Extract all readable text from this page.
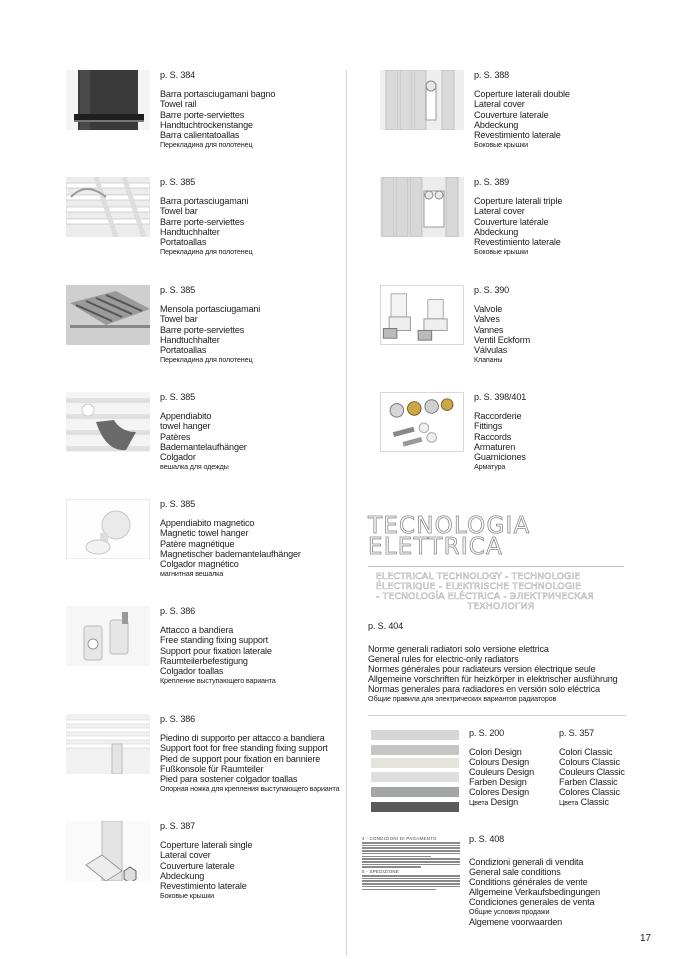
p. S. 384
Barra portasciugamani bagno
Towel rail
Barre porte-serviettes
Handtuchtrockenstange
Barra calientatoallas
Перекладина для полотенец
p. S. 385
Barra portasciugamani
Towel bar
Barre porte-serviettes
Handtuchhalter
Portatoallas
Перекладина для полотенец
p. S. 385
Mensola portasciugamani
Towel bar
Barre porte-serviettes
Handtuchhalter
Portatoallas
Перекладина для полотенец
p. S. 385
Appendiabito
towel hanger
Patères
Bademantelaufhänger
Colgador
вешалка для одежды
p. S. 385
Appendiabito magnetico
Magnetic towel hanger
Patère magnétique
Magnetischer bademantelaufhänger
Colgador magnético
магнитная вешалка
p. S. 386
Attacco a bandiera
Free standing fixing support
Support pour fixation laterale
Raumteilerbefestigung
Colgador toallas
Крепление выступающего варианта
p. S. 386
Piedino di supporto per attacco a bandiera
Support foot for free standing fixing support
Pied de support pour fixation en banniere
Fußkonsole für Raumteiler
Pied para sostener colgador toallas
Опорная ножка для крепления выступающего варианта
p. S. 387
Coperture laterali single
Lateral cover
Couverture laterale
Abdeckung
Revestimiento laterale
Боковые крышки
p. S. 388
Coperture laterali double
Lateral cover
Couverture laterale
Abdeckung
Revestimiento laterale
Боковые крышки
p. S. 389
Coperture laterali triple
Lateral cover
Couverture latérale
Abdeckung
Revestimiento laterale
Боковые крышки
p. S. 390
Valvole
Valves
Vannes
Ventil Eckform
Válvulas
Клапаны
p. S. 398/401
Raccorderie
Fittings
Raccords
Armaturen
Guarniciones
Арматура
TECNOLOGIA
ELETTRICA
ELECTRICAL TECHNOLOGY - TECHNOLOGIE
ÉLECTRIQUE - ELEKTRISCHE TECHNOLOGIE
- TECNOLOGÍA ELÉCTRICA - ЭЛЕКТРИЧЕСКАЯ
ТЕХНОЛОГИЯ
p. S. 404
Norme generali radiatori solo versione elettrica
General rules for electric-only radiators
Normes générales pour radiateurs version électrique seule
Allgemeine vorschriften für heizkörper in elektrischer ausführung
Normas generales para radiadores en versión solo eléctrica
Общие правила для электрических вариантов радиаторов
p. S. 200
Colori Design
Colours Design
Couleurs Design
Farben Design
Colores Design
Цвета Design
p. S. 357
Colori Classic
Colours Classic
Couleurs Classic
Farben Classic
Colores Classic
Цвета Classic
4 - CONDIZIONI DI PAGAMENTO
5 - SPEDIZIONE
p. S. 408
Condizioni generali di vendita
General sale conditions
Conditions générales de vente
Allgemeine Verkaufsbedingungen
Condiciones generales de venta
Общие условия продажи
Algemene voorwaarden
17
